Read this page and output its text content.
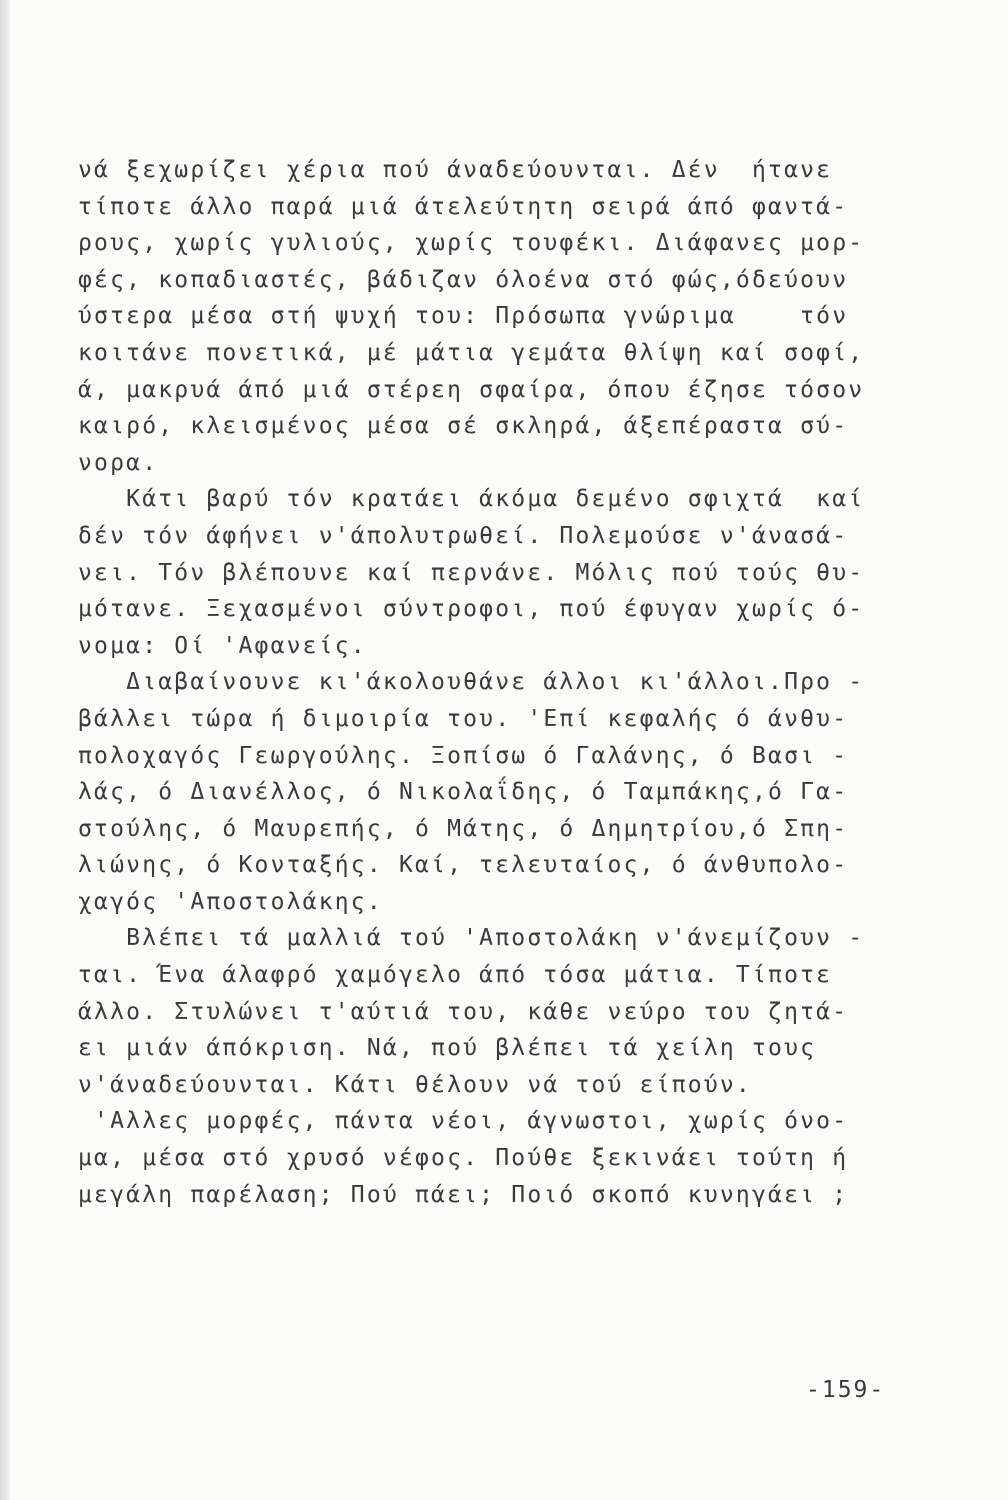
νά ξεχωρίζει χέρια πού άναδεύουνται. Δέν  ήτανε
τίποτε άλλο παρά μιά άτελεύτητη σειρά άπό φαντά-
ρους, χωρίς γυλιούς, χωρίς τουφέκι. Διάφανες μορ-
φές, κοπαδιαστές, βάδιζαν όλοένα στό φώς,όδεύουν
ύστερα μέσα στή ψυχή του: Πρόσωπα γνώριμα    τόν
κοιτάνε πονετικά, μέ μάτια γεμάτα θλίψη καί σοφί,
ά, μακρυά άπό μιά στέρεη σφαίρα, όπου έζησε τόσον
καιρό, κλεισμένος μέσα σέ σκληρά, άξεπέραστα σύ-
νορα.
Κάτι βαρύ τόν κρατάει άκόμα δεμένο σφιχτά  καί
δέν τόν άφήνει ν'άπολυτρωθεί. Πολεμούσε ν'άνασά-
νει. Τόν βλέπουνε καί περνάνε. Μόλις πού τούς θυ-
μότανε. Ξεχασμένοι σύντροφοι, πού έφυγαν χωρίς ό-
νομα: Οί 'Αφανείς.
Διαβαίνουνε κι'άκολουθάνε άλλοι κι'άλλοι.Προ -
βάλλει τώρα ή διμοιρία του. 'Επί κεφαλής ό άνθυ-
πολοχαγός Γεωργούλης. Ξοπίσω ό Γαλάνης, ό Βασι -
λάς, ό Διανέλλος, ό Νικολαΐδης, ό Ταμπάκης,ό Γα-
στούλης, ό Μαυρεπής, ό Μάτης, ό Δημητρίου,ό Σπη-
λιώνης, ό Κονταξής. Καί, τελευταίος, ό άνθυπολο-
χαγός 'Αποστολάκης.
Βλέπει τά μαλλιά τού 'Αποστολάκη ν'άνεμίζουν -
ται. Ένα άλαφρό χαμόγελο άπό τόσα μάτια. Τίποτε
άλλο. Στυλώνει τ'αύτιά του, κάθε νεύρο του ζητά-
ει μιάν άπόκριση. Νά, πού βλέπει τά χείλη τους
ν'άναδεύουνται. Κάτι θέλουν νά τού είπούν.
'Αλλες μορφές, πάντα νέοι, άγνωστοι, χωρίς όνο-
μα, μέσα στό χρυσό νέφος. Πούθε ξεκινάει τούτη ή
μεγάλη παρέλαση; Πού πάει; Ποιό σκοπό κυνηγάει ;
-159-
